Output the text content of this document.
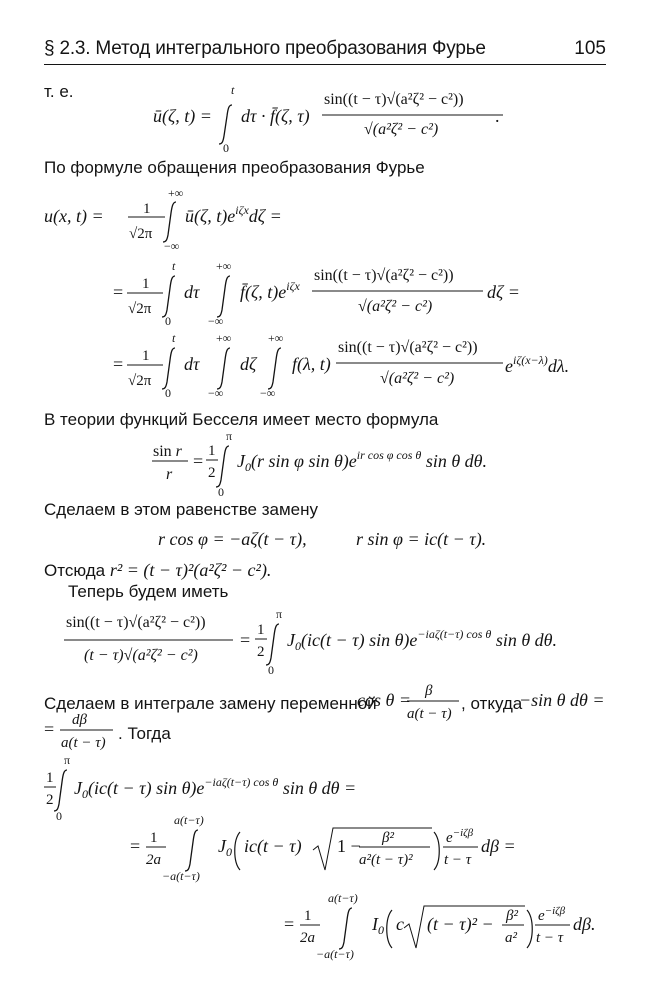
§ 2.3. Метод интегрального преобразования Фурье	105
т. е.
По формуле обращения преобразования Фурье
В теории функций Бесселя имеет место формула
Сделаем в этом равенстве замену
Отсюда r² = (t − τ)²(a²ζ² − c²).
Теперь будем иметь
Сделаем в интеграле замену переменной	, откуда
. Тогда
ū(ζ, t) =
t
0
dτ · f̄(ζ, τ)
sin((t − τ)√(a²ζ² − c²))
√(a²ζ² − c²)
.
u(x, t) =	1
√2π
+∞
−∞
ū(ζ, $t)e^{i\zeta x}d\zeta$ =
= 1
√2π
t
0
dτ
+∞
−∞
f̄(ζ, $t)e^{i\zeta x}$
sin((t − τ)√(a²ζ² − c²))
√(a²ζ² − c²)
dζ =
= 1
√2π
t
0
dτ
+∞
−∞
dζ
+∞
−∞
f(λ, t)
sin((t − τ)√(a²ζ² − c²))
√(a²ζ² − c²)
$e^{i\zeta(x-\lambda)}d\lambda$.
sin r
r
= 1
2
π
0
$J_0(r$ sin φ $\sin \theta)e^{ir cos \varphi cos \theta}$ sin θ dθ.
r cos φ = −aζ(t − τ),	r sin φ = ic(t − τ).
sin((t − τ)√(a²ζ² − c²))
(t − τ)√(a²ζ² − c²)
= 1
2
π
0
$J_0(ic(t - \tau)$ $\sin \theta)e^{-ia\zeta(t-\tau) cos \theta}$ sin θ dθ.
cos θ = β
a(t − τ)
−sin θ dθ =
= dβ
a(t − τ)
1
2
π
0
$J_0(ic(t - \tau)$ $\sin \theta)e^{-ia\zeta(t-\tau) cos \theta}$ sin θ dθ =
= 1
2a
a(t−τ)
−a(t−τ)
$J_0$ ic(t − τ) 1 − β²
a²(t − τ)²
$e^{-i\zeta\beta}$
t − τ
dβ =
= 1
2a
a(t−τ)
−a(t−τ)
$I_0$ c (t − τ)² − β²
a²
$e^{-i\zeta\beta}$
t − τ
dβ.
